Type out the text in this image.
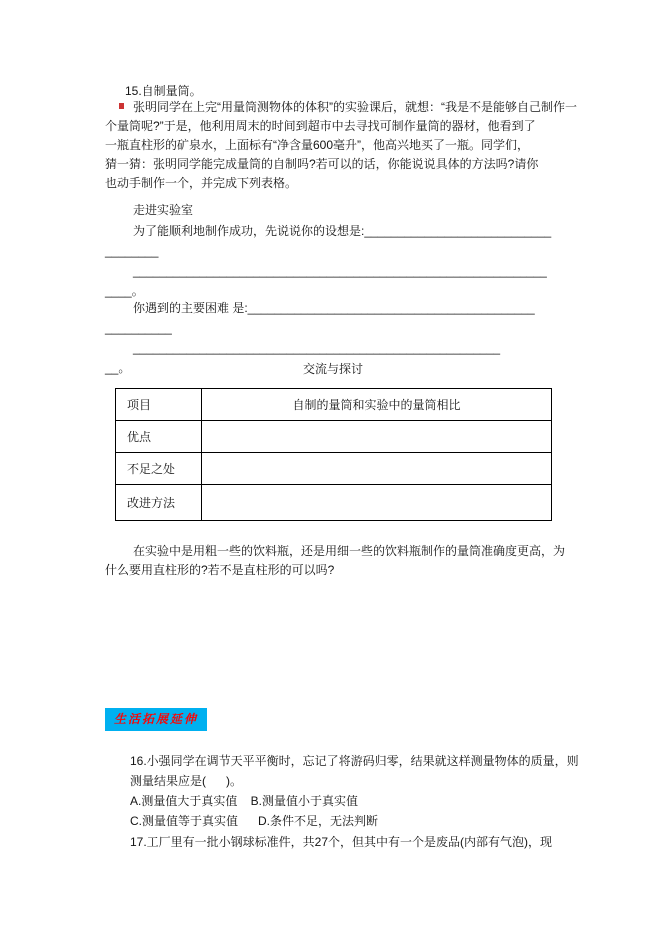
15.自制量筒。
张明同学在上完“用量筒测物体的体积”的实验课后，就想：“我是不是能够自己制作一
个量筒呢?”于是，他利用周末的时间到超市中去寻找可制作量筒的器材，他看到了
一瓶直柱形的矿泉水，上面标有“净含量600毫升”，他高兴地买了一瓶。同学们，
猜一猜：张明同学能完成量筒的自制吗?若可以的话，你能说说具体的方法吗?请你
也动手制作一个，并完成下列表格。
走进实验室
为了能顺利地制作成功，先说说你的设想是:____________________________
________
______________________________________________________________
____。
你遇到的主要困难 是:___________________________________________
__________
_______________________________________________________
__。	交流与探讨
项目	自制的量筒和实验中的量筒相比
优点	
不足之处	
改进方法	
在实验中是用粗一些的饮料瓶，还是用细一些的饮料瓶制作的量筒准确度更高，为
什么要用直柱形的?若不是直柱形的可以吗?
生活拓展延伸
16.小强同学在调节天平平衡时，忘记了将游码归零，结果就这样测量物体的质量，则
测量结果应是(      )。
A.测量值大于真实值    B.测量值小于真实值
C.测量值等于真实值      D.条件不足，无法判断
17.工厂里有一批小钢球标准件，共27个，但其中有一个是废品(内部有气泡)，现
